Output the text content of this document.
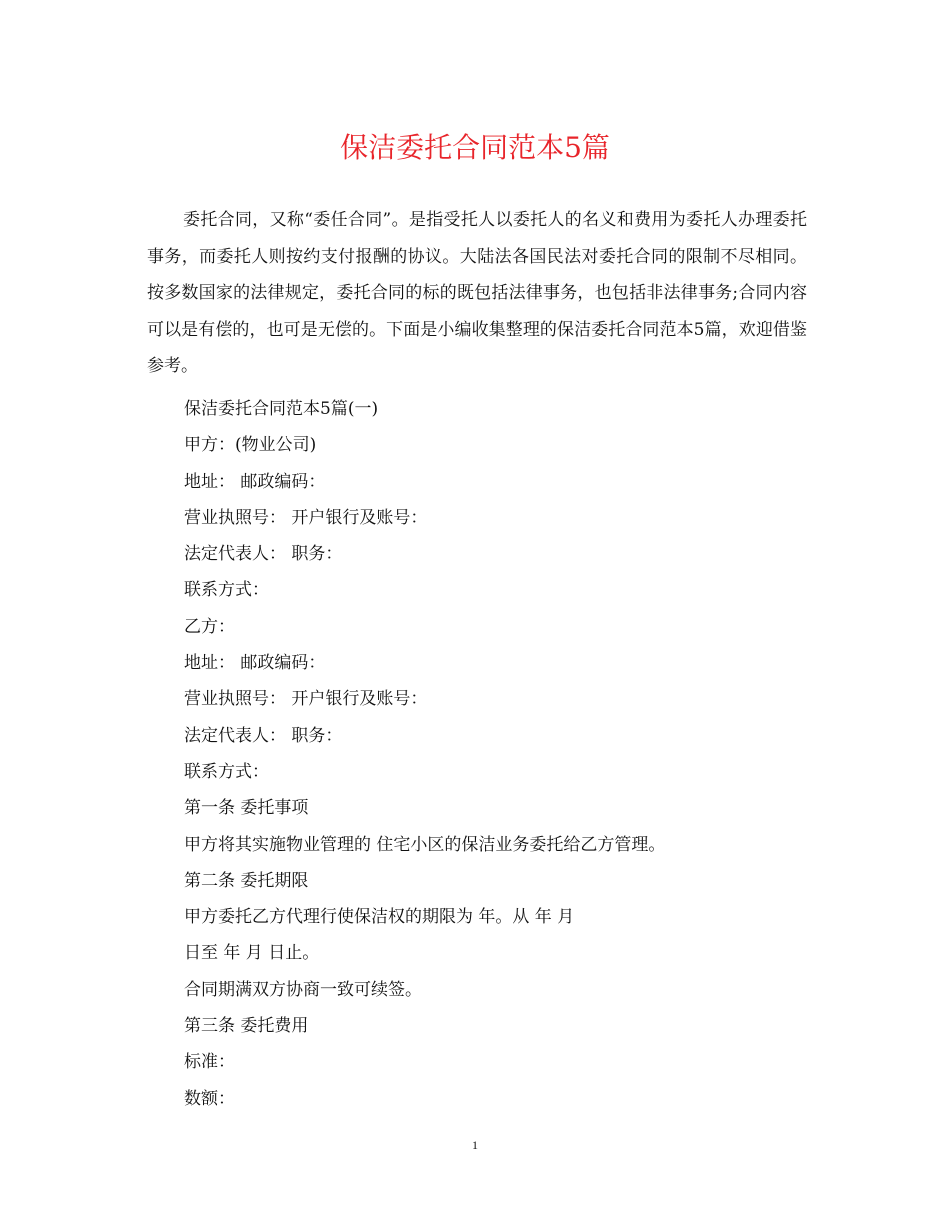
保洁委托合同范本5篇

委托合同，又称“委任合同”。是指受托人以委托人的名义和费用为委托人办理委托事务，而委托人则按约支付报酬的协议。大陆法各国民法对委托合同的限制不尽相同。按多数国家的法律规定，委托合同的标的既包括法律事务，也包括非法律事务;合同内容可以是有偿的，也可是无偿的。下面是小编收集整理的保洁委托合同范本5篇，欢迎借鉴参考。

保洁委托合同范本5篇(一)
甲方：(物业公司)
地址： 邮政编码：
营业执照号： 开户银行及账号：
法定代表人： 职务：
联系方式：
乙方：
地址： 邮政编码：
营业执照号： 开户银行及账号：
法定代表人： 职务：
联系方式：
第一条 委托事项
甲方将其实施物业管理的 住宅小区的保洁业务委托给乙方管理。
第二条 委托期限
甲方委托乙方代理行使保洁权的期限为 年。从 年 月
日至 年 月 日止。
合同期满双方协商一致可续签。
第三条 委托费用
标准：
数额：
1
